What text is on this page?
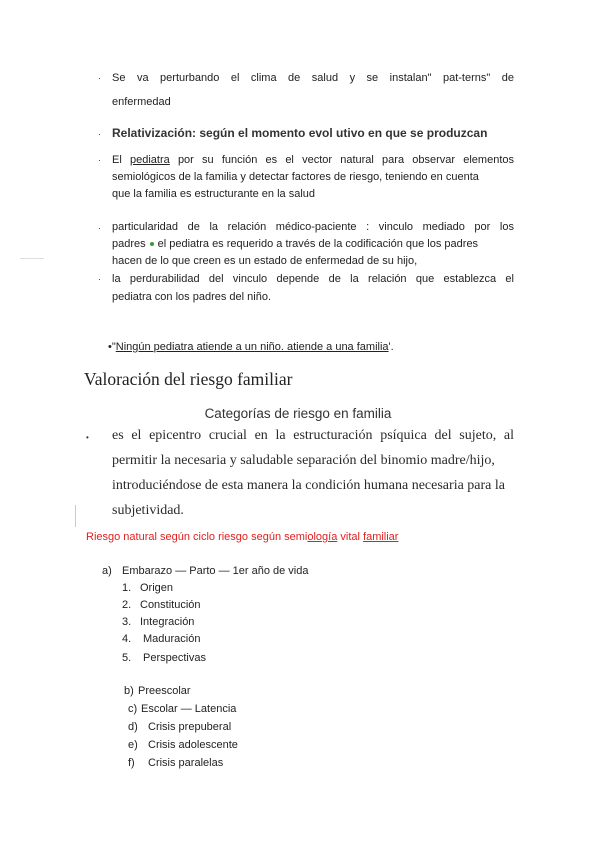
· Se va perturbando el clima de salud y se instalan" pat-terns" de
enfermedad
· Relativización: según el momento evol utivo en que se produzcan
· El pediatra por su función es el vector natural para observar elementos
semiológicos de la familia y detectar factores de riesgo, teniendo en cuenta
que la familia es estructurante en la salud
· particularidad de la relación médico-paciente : vinculo mediado por los
padres el pediatra es requerido a través de la codificación que los padres
hacen de lo que creen es un estado de enfermedad de su hijo,
· la perdurabilidad del vinculo depende de la relación que establezca el
pediatra con los padres del niño.
•"Ningún pediatra atiende a un niño. atiende a una familia'.
Valoración del riesgo familiar
Categorías de riesgo en familia
• es el epicentro crucial en la estructuración psíquica del sujeto, al
permitir la necesaria y saludable separación del binomio madre/hijo,
introduciéndose de esta manera la condición humana necesaria para la
subjetividad.
Riesgo natural según ciclo riesgo según semiología vital familiar
a) Embarazo — Parto — 1er año de vida
1. Origen
2. Constitución
3. Integración
4. Maduración
5. Perspectivas
b) Preescolar
c) Escolar — Latencia
d) Crisis prepuberal
e) Crisis adolescente
f) Crisis paralelas
